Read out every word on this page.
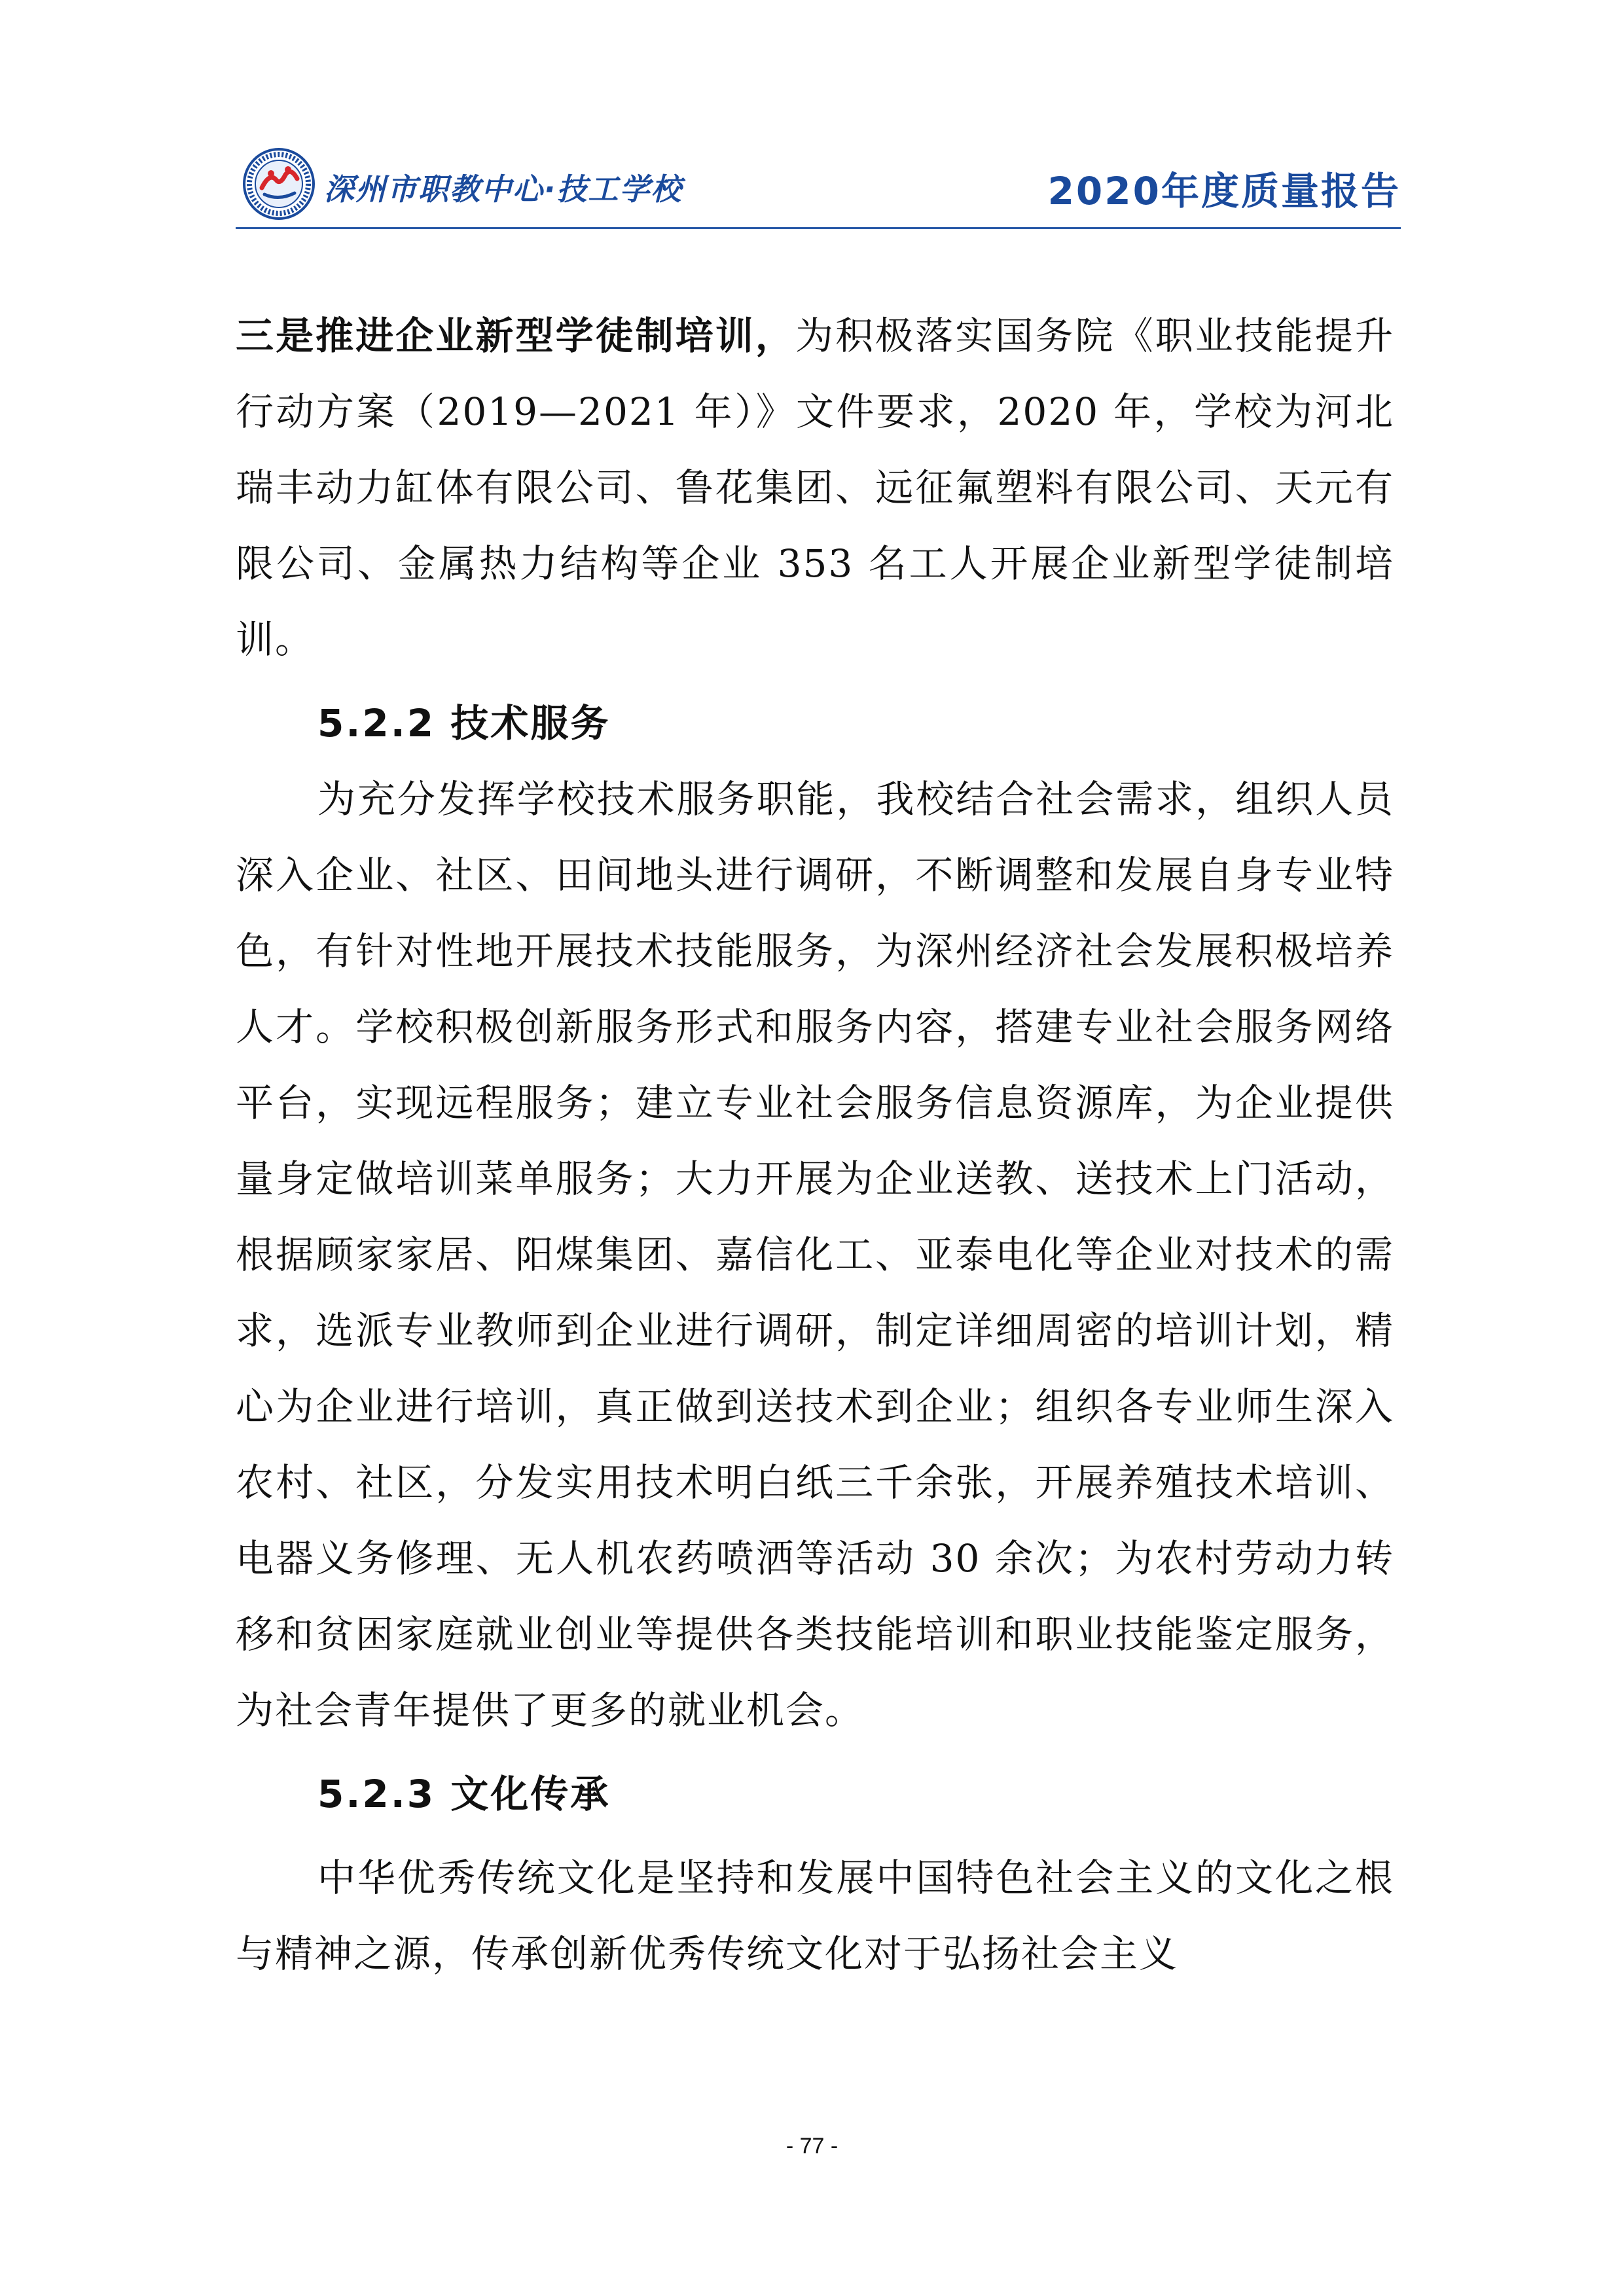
深州市职教中心·技工学校	2020年度质量报告

三是推进企业新型学徒制培训，为积极落实国务院《职业技能提升行动方案（2019—2021 年）》文件要求，2020 年，学校为河北瑞丰动力缸体有限公司、鲁花集团、远征氟塑料有限公司、天元有限公司、金属热力结构等企业 353 名工人开展企业新型学徒制培训。

5.2.2 技术服务

为充分发挥学校技术服务职能，我校结合社会需求，组织人员深入企业、社区、田间地头进行调研，不断调整和发展自身专业特色，有针对性地开展技术技能服务，为深州经济社会发展积极培养人才。学校积极创新服务形式和服务内容，搭建专业社会服务网络平台，实现远程服务；建立专业社会服务信息资源库，为企业提供量身定做培训菜单服务；大力开展为企业送教、送技术上门活动，根据顾家家居、阳煤集团、嘉信化工、亚泰电化等企业对技术的需求，选派专业教师到企业进行调研，制定详细周密的培训计划，精心为企业进行培训，真正做到送技术到企业；组织各专业师生深入农村、社区，分发实用技术明白纸三千余张，开展养殖技术培训、电器义务修理、无人机农药喷洒等活动 30 余次；为农村劳动力转移和贫困家庭就业创业等提供各类技能培训和职业技能鉴定服务，为社会青年提供了更多的就业机会。

5.2.3 文化传承

中华优秀传统文化是坚持和发展中国特色社会主义的文化之根与精神之源，传承创新优秀传统文化对于弘扬社会主义

- 77 -
